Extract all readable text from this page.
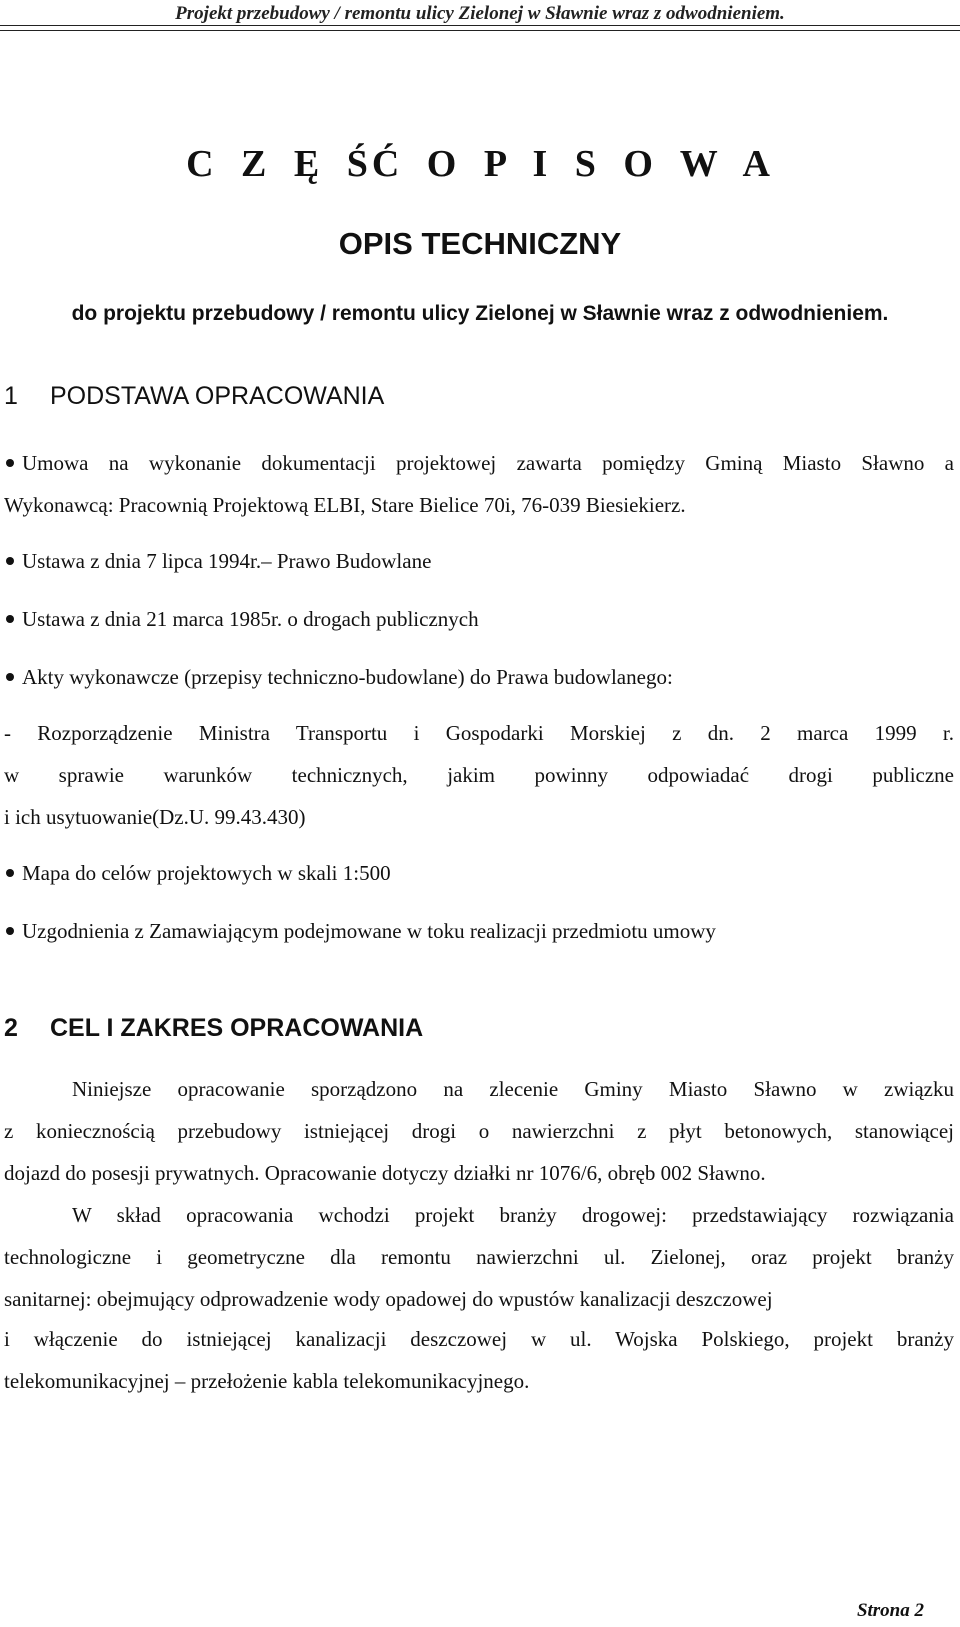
Projekt przebudowy / remontu ulicy Zielonej w Sławnie wraz z odwodnieniem.
C Z Ę ŚĆ O P I S O W A
OPIS TECHNICZNY
do projektu przebudowy / remontu ulicy Zielonej w Sławnie wraz z odwodnieniem.
1 PODSTAWA OPRACOWANIA
Umowa na wykonanie dokumentacji projektowej zawarta pomiędzy Gminą Miasto Sławno a
Wykonawcą: Pracownią Projektową ELBI, Stare Bielice 70i, 76-039 Biesiekierz.
Ustawa z dnia 7 lipca 1994r.– Prawo Budowlane
Ustawa z dnia 21 marca 1985r. o drogach publicznych
Akty wykonawcze (przepisy techniczno-budowlane) do Prawa budowlanego:
- Rozporządzenie Ministra Transportu i Gospodarki Morskiej z dn. 2 marca 1999 r.
w sprawie warunków technicznych, jakim powinny odpowiadać drogi publiczne
i ich usytuowanie(Dz.U. 99.43.430)
Mapa do celów projektowych w skali 1:500
Uzgodnienia z Zamawiającym podejmowane w toku realizacji przedmiotu umowy
2 CEL I ZAKRES OPRACOWANIA
Niniejsze opracowanie sporządzono na zlecenie Gminy Miasto Sławno w związku
z koniecznością przebudowy istniejącej drogi o nawierzchni z płyt betonowych, stanowiącej
dojazd do posesji prywatnych. Opracowanie dotyczy działki nr 1076/6, obręb 002 Sławno.
W skład opracowania wchodzi projekt branży drogowej: przedstawiający rozwiązania
technologiczne i geometryczne dla remontu nawierzchni ul. Zielonej, oraz projekt branży
sanitarnej: obejmujący odprowadzenie wody opadowej do wpustów kanalizacji deszczowej
i włączenie do istniejącej kanalizacji deszczowej w ul. Wojska Polskiego, projekt branży
telekomunikacyjnej – przełożenie kabla telekomunikacyjnego.
Strona 2
